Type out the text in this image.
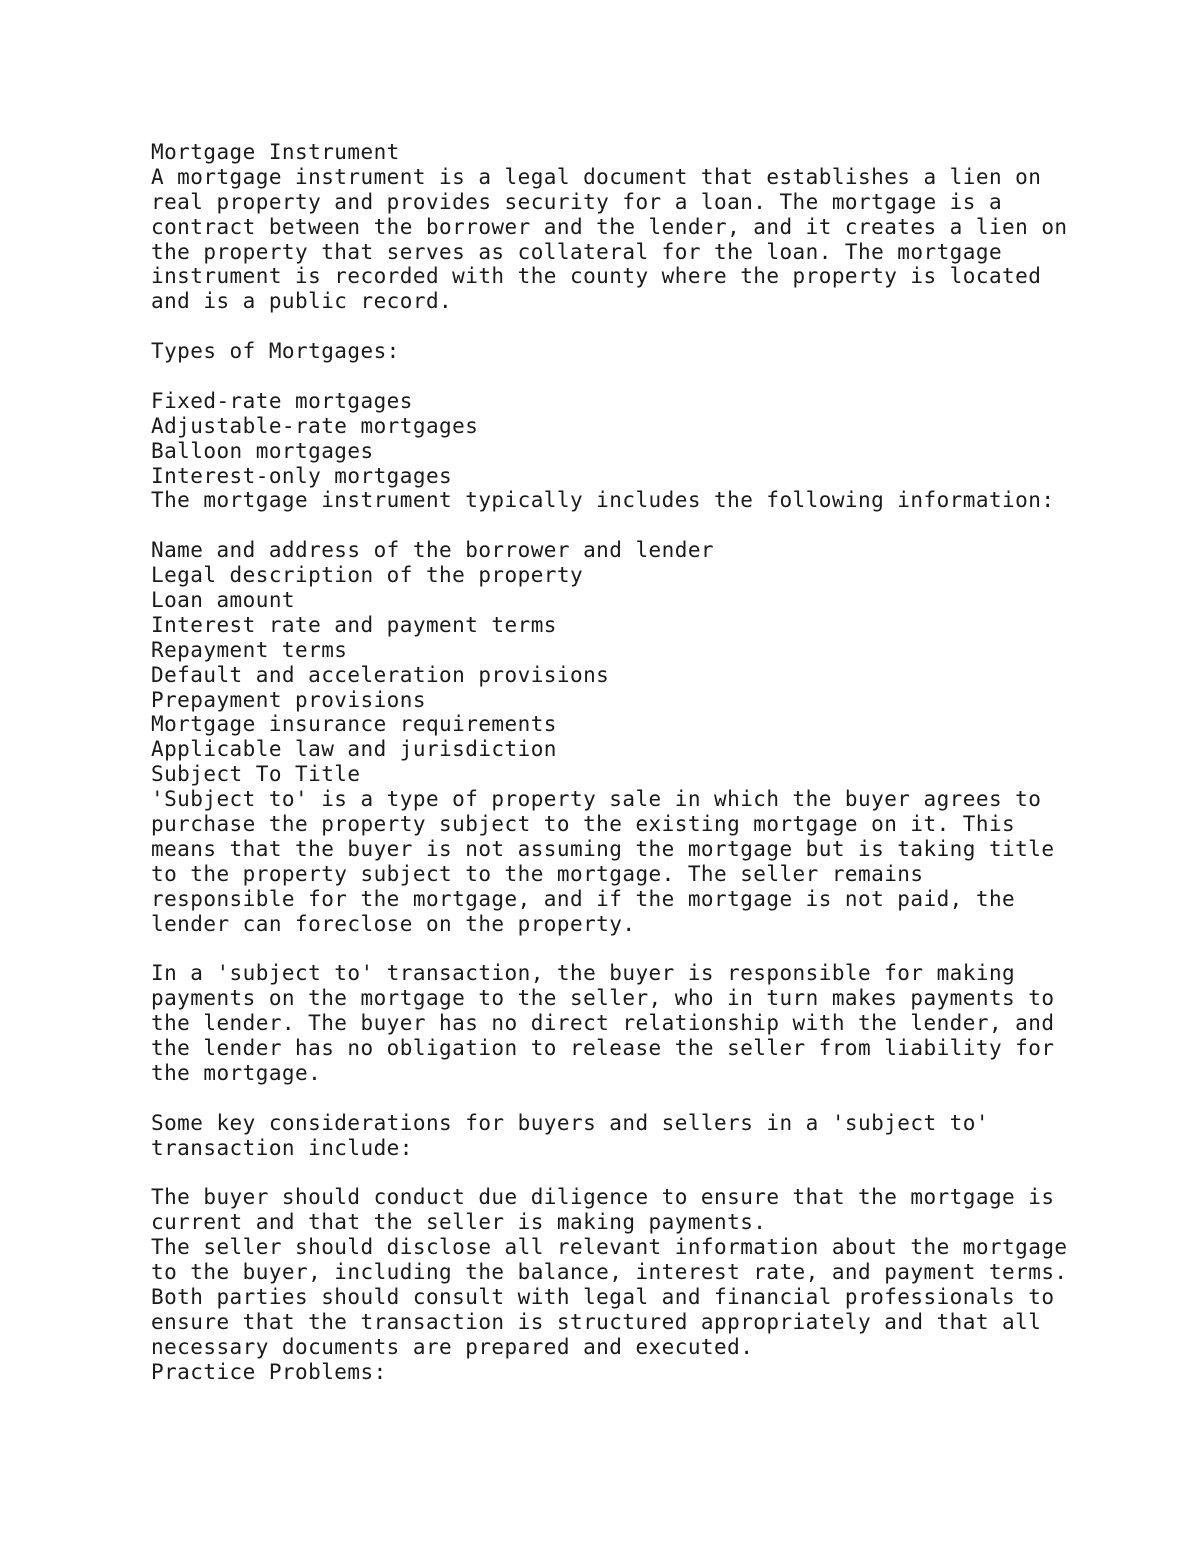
Mortgage Instrument
A mortgage instrument is a legal document that establishes a lien on
real property and provides security for a loan. The mortgage is a
contract between the borrower and the lender, and it creates a lien on
the property that serves as collateral for the loan. The mortgage
instrument is recorded with the county where the property is located
and is a public record.
Types of Mortgages:
Fixed-rate mortgages
Adjustable-rate mortgages
Balloon mortgages
Interest-only mortgages
The mortgage instrument typically includes the following information:
Name and address of the borrower and lender
Legal description of the property
Loan amount
Interest rate and payment terms
Repayment terms
Default and acceleration provisions
Prepayment provisions
Mortgage insurance requirements
Applicable law and jurisdiction
Subject To Title
'Subject to' is a type of property sale in which the buyer agrees to
purchase the property subject to the existing mortgage on it. This
means that the buyer is not assuming the mortgage but is taking title
to the property subject to the mortgage. The seller remains
responsible for the mortgage, and if the mortgage is not paid, the
lender can foreclose on the property.
In a 'subject to' transaction, the buyer is responsible for making
payments on the mortgage to the seller, who in turn makes payments to
the lender. The buyer has no direct relationship with the lender, and
the lender has no obligation to release the seller from liability for
the mortgage.
Some key considerations for buyers and sellers in a 'subject to'
transaction include:
The buyer should conduct due diligence to ensure that the mortgage is
current and that the seller is making payments.
The seller should disclose all relevant information about the mortgage
to the buyer, including the balance, interest rate, and payment terms.
Both parties should consult with legal and financial professionals to
ensure that the transaction is structured appropriately and that all
necessary documents are prepared and executed.
Practice Problems:
